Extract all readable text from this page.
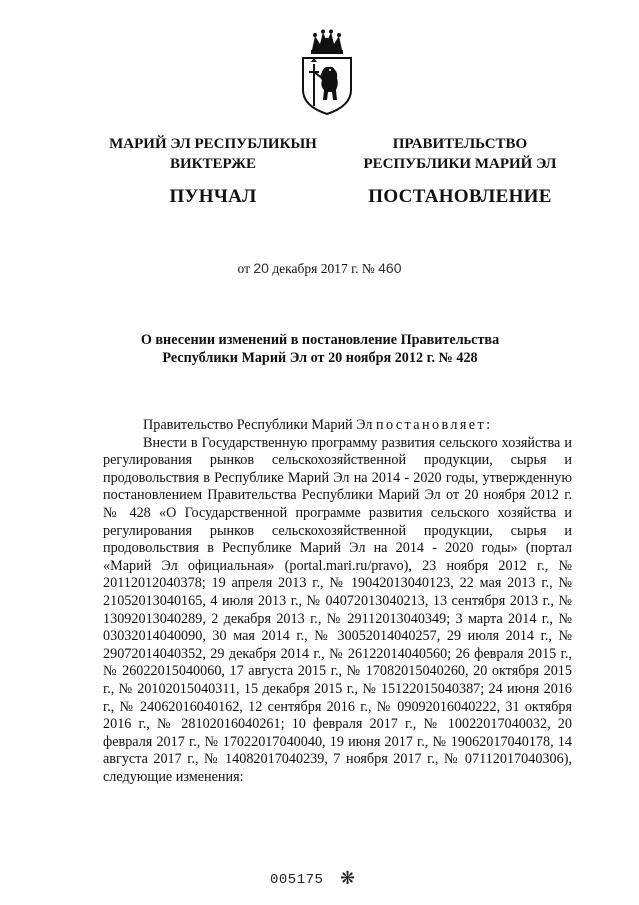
МАРИЙ ЭЛ РЕСПУБЛИКЫН
ВИКТЕРЖЕ
ПУНЧАЛ
ПРАВИТЕЛЬСТВО
РЕСПУБЛИКИ МАРИЙ ЭЛ
ПОСТАНОВЛЕНИЕ
от 20 декабря 2017 г. № 460
О внесении изменений в постановление Правительства
Республики Марий Эл от 20 ноября 2012 г. № 428

Правительство Республики Марий Эл постановляет:

Внести в Государственную программу развития сельского хозяйства и регулирования рынков сельскохозяйственной продукции, сырья и продовольствия в Республике Марий Эл на 2014 - 2020 годы, утвержденную постановлением Правительства Республики Марий Эл от 20 ноября 2012 г. № 428 «О Государственной программе развития сельского хозяйства и регулирования рынков сельскохозяйственной продукции, сырья и продовольствия в Республике Марий Эл на 2014 - 2020 годы» (портал «Марий Эл официальная» (portal.mari.ru/pravo), 23 ноября 2012 г., № 20112012040378; 19 апреля 2013 г., № 19042013040123, 22 мая 2013 г., № 21052013040165, 4 июля 2013 г., № 04072013040213, 13 сентября 2013 г., № 13092013040289, 2 декабря 2013 г., № 29112013040349; 3 марта 2014 г., № 03032014040090, 30 мая 2014 г., № 30052014040257, 29 июля 2014 г., № 29072014040352, 29 декабря 2014 г., № 26122014040560; 26 февраля 2015 г., № 26022015040060, 17 августа 2015 г., № 17082015040260, 20 октября 2015 г., № 20102015040311, 15 декабря 2015 г., № 15122015040387; 24 июня 2016 г., № 24062016040162, 12 сентября 2016 г., № 09092016040222, 31 октября 2016 г., № 28102016040261; 10 февраля 2017 г., № 10022017040032, 20 февраля 2017 г., № 17022017040040, 19 июня 2017 г., № 19062017040178, 14 августа 2017 г., № 14082017040239, 7 ноября 2017 г., № 07112017040306), следующие изменения:

005175 ❋
